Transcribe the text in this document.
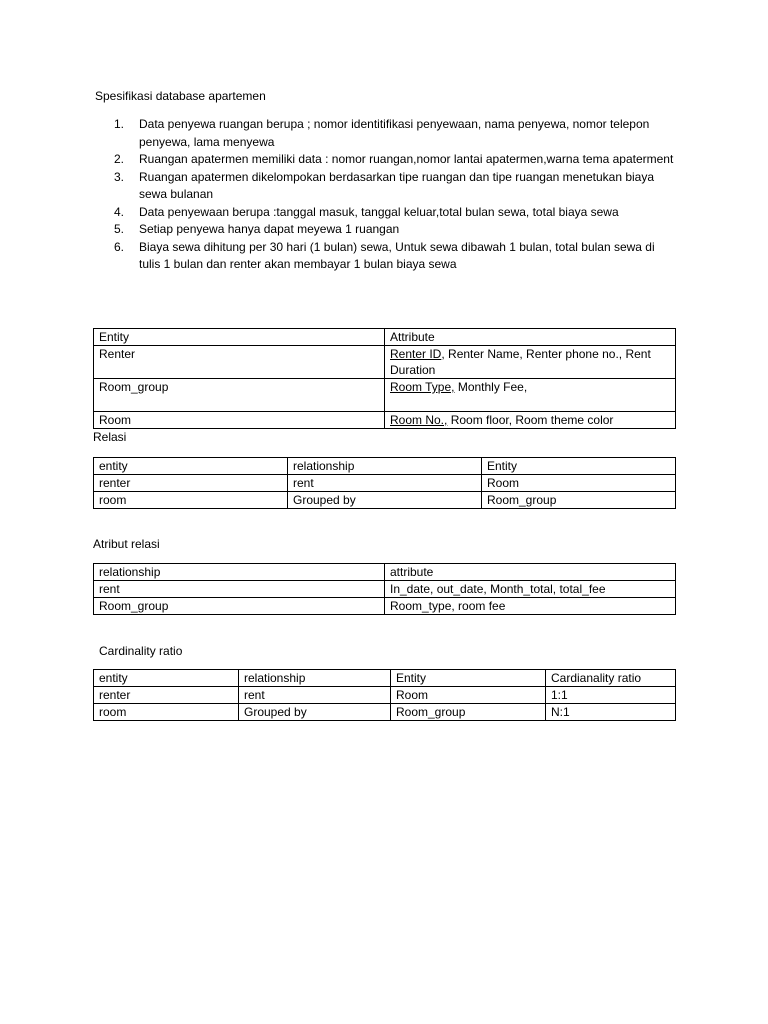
Spesifikasi database apartemen
1. Data penyewa ruangan berupa ; nomor identitifikasi penyewaan, nama penyewa, nomor telepon penyewa, lama menyewa
2. Ruangan apatermen memiliki data : nomor ruangan,nomor lantai apatermen,warna tema apaterment
3. Ruangan apatermen dikelompokan berdasarkan tipe ruangan dan tipe ruangan menetukan biaya sewa bulanan
4. Data penyewaan berupa :tanggal masuk, tanggal keluar,total bulan sewa, total biaya sewa
5. Setiap penyewa hanya dapat meyewa 1 ruangan
6. Biaya sewa dihitung per 30 hari (1 bulan) sewa, Untuk sewa dibawah 1 bulan, total bulan sewa di tulis 1 bulan dan renter akan membayar 1 bulan biaya sewa
Entity	Attribute
Renter	Renter ID, Renter Name, Renter phone no., Rent Duration
Room_group	Room Type, Monthly Fee,
Room	Room No., Room floor, Room theme color
Relasi
entity	relationship	Entity
renter	rent	Room
room	Grouped by	Room_group
Atribut relasi
relationship	attribute
rent	In_date, out_date, Month_total, total_fee
Room_group	Room_type, room fee
Cardinality ratio
entity	relationship	Entity	Cardianality ratio
renter	rent	Room	1:1
room	Grouped by	Room_group	N:1
